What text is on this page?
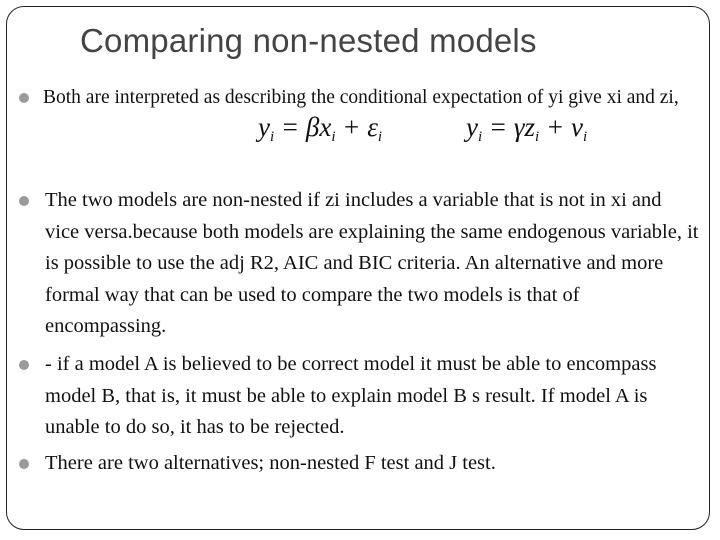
Comparing non-nested models
Both are interpreted as describing the conditional expectation of yi give xi and zi,
$y_i = \beta x_i + \varepsilon_i$	$y_i = \gamma z_i + \nu_i$
The two models are non-nested if zi includes a variable that is not in xi and vice versa.because both models are explaining the same endogenous variable, it is possible to use the adj R2, AIC and BIC criteria. An alternative and more formal way that can be used to compare the two models is that of encompassing.
- if a model A is believed to be correct model it must be able to encompass model B, that is, it must be able to explain model B s result. If model A is unable to do so, it has to be rejected.
There are two alternatives; non-nested F test and J test.
